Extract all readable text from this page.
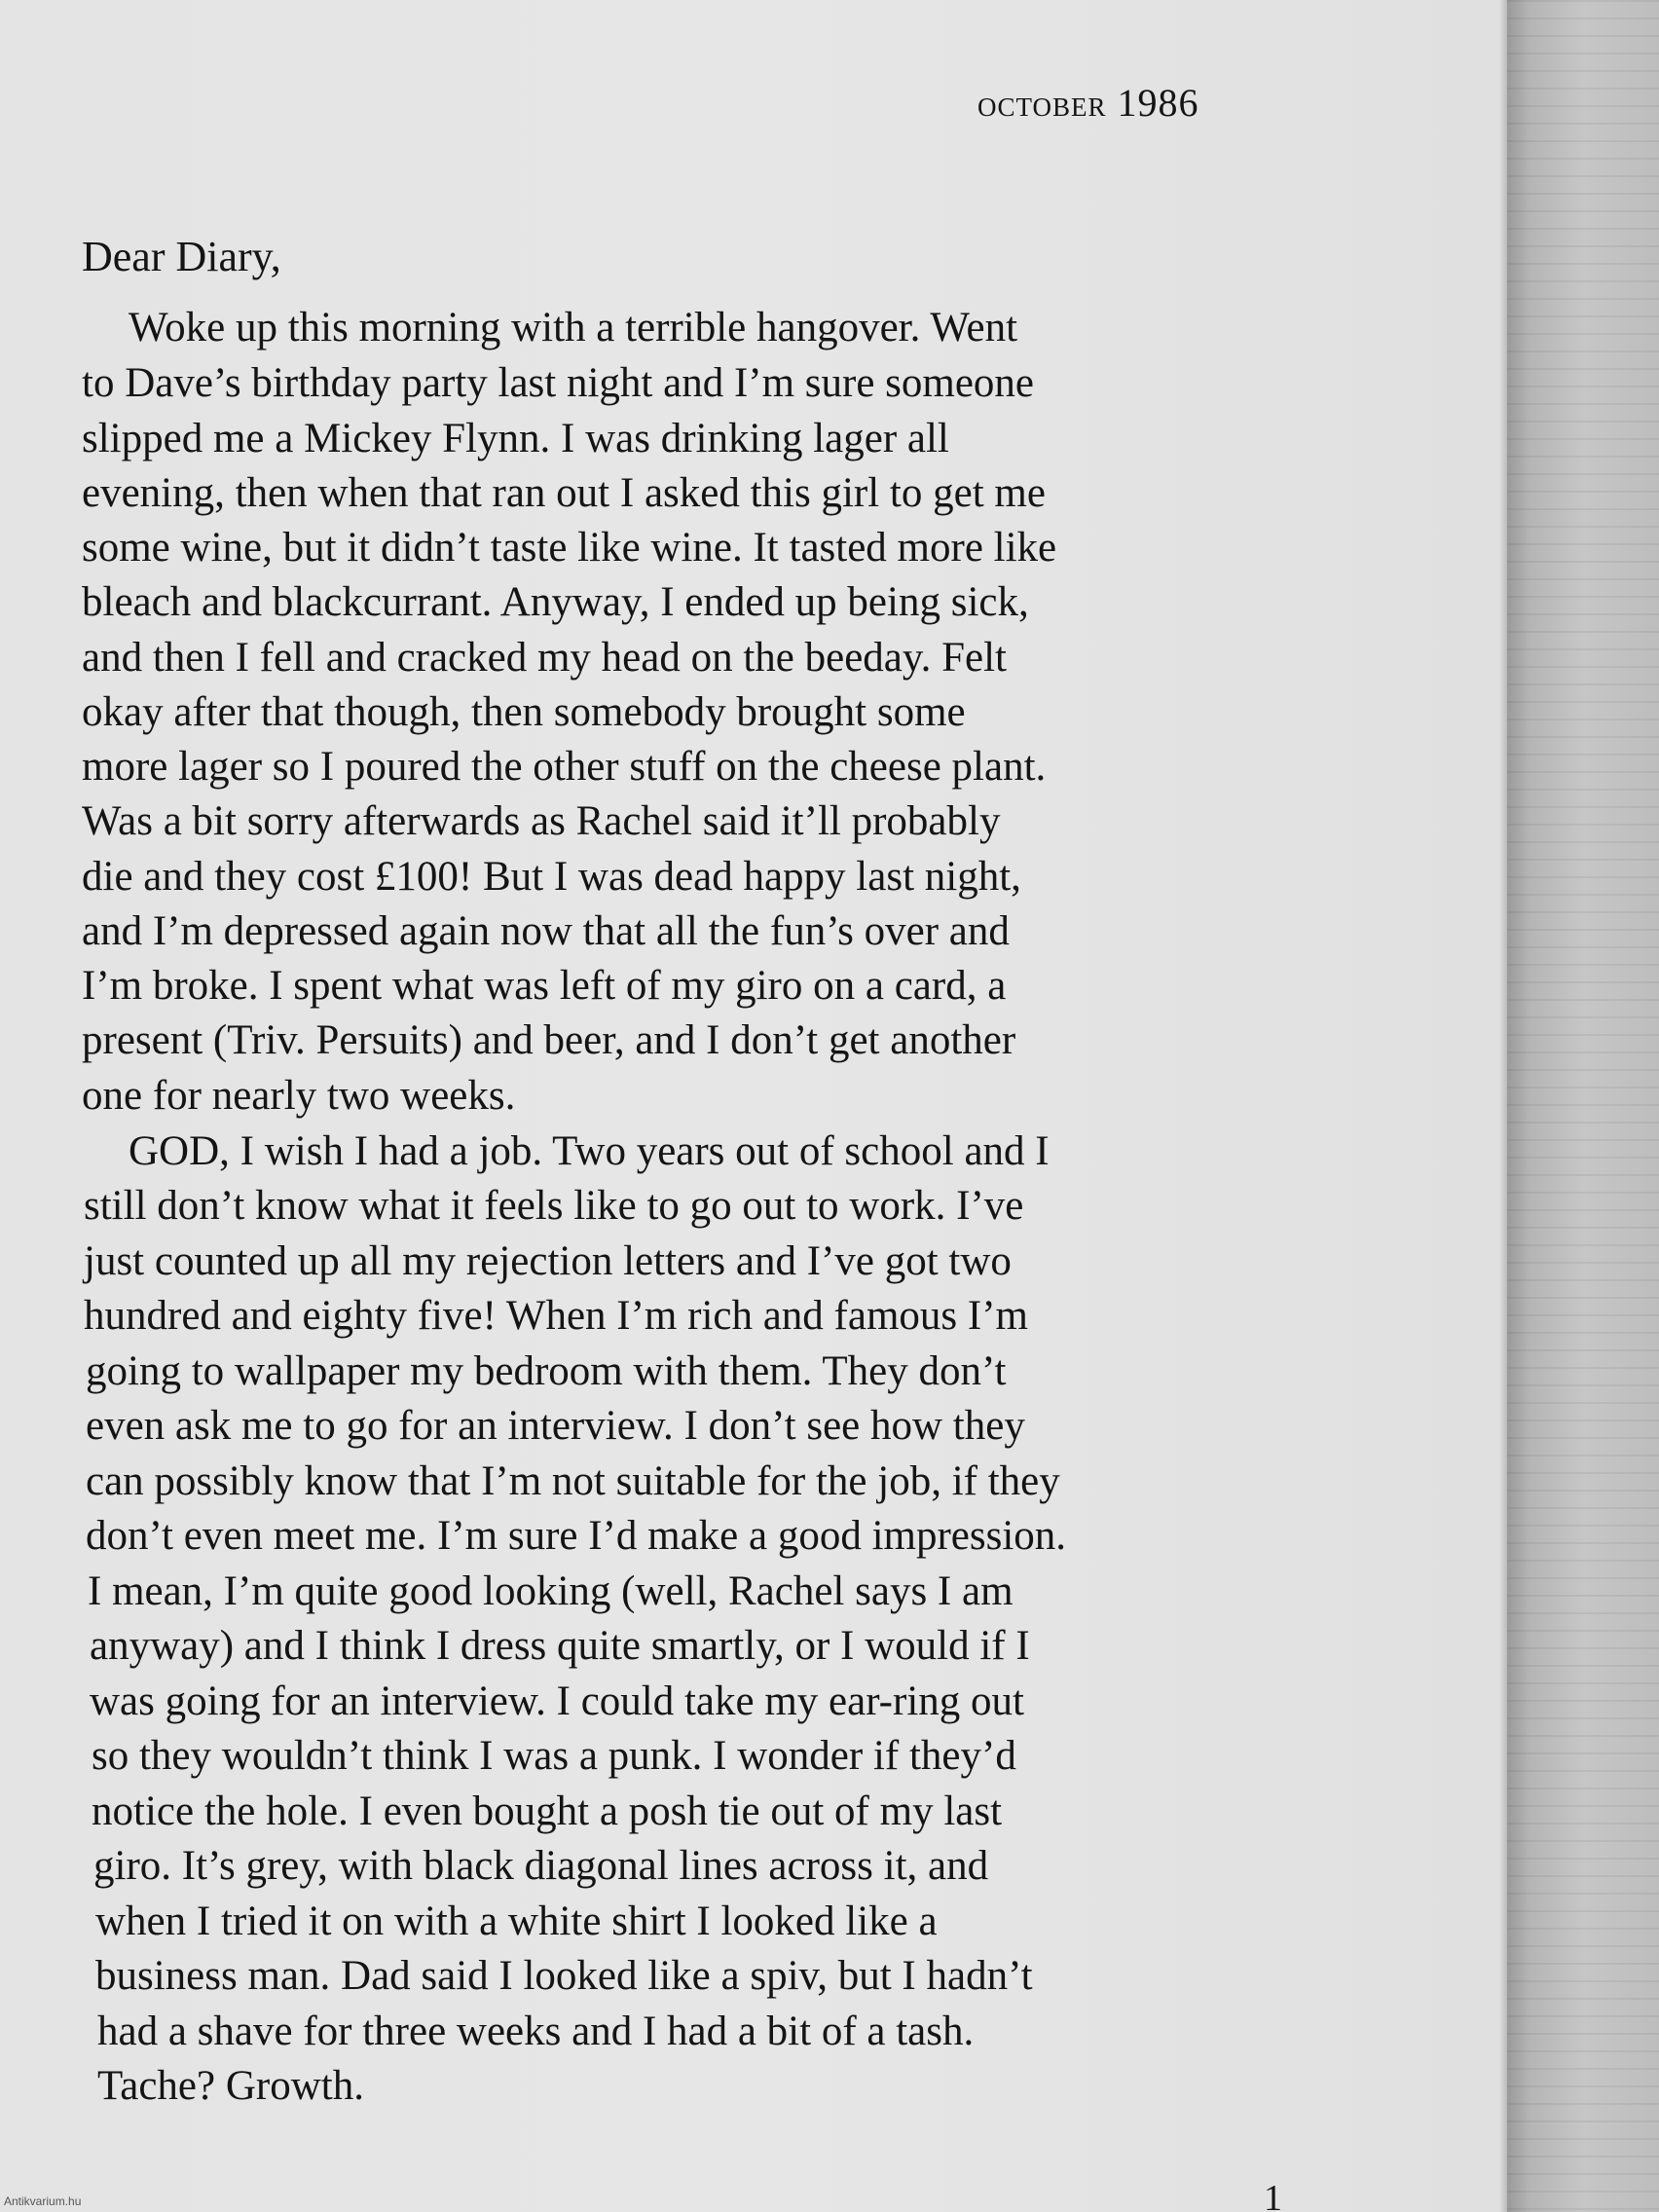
october 1986
Dear Diary,
Woke up this morning with a terrible hangover. Went
to Dave’s birthday party last night and I’m sure someone
slipped me a Mickey Flynn. I was drinking lager all
evening, then when that ran out I asked this girl to get me
some wine, but it didn’t taste like wine. It tasted more like
bleach and blackcurrant. Anyway, I ended up being sick,
and then I fell and cracked my head on the beeday. Felt
okay after that though, then somebody brought some
more lager so I poured the other stuff on the cheese plant.
Was a bit sorry afterwards as Rachel said it’ll probably
die and they cost £100! But I was dead happy last night,
and I’m depressed again now that all the fun’s over and
I’m broke. I spent what was left of my giro on a card, a
present (Triv. Persuits) and beer, and I don’t get another
one for nearly two weeks.
GOD, I wish I had a job. Two years out of school and I
still don’t know what it feels like to go out to work. I’ve
just counted up all my rejection letters and I’ve got two
hundred and eighty five! When I’m rich and famous I’m
going to wallpaper my bedroom with them. They don’t
even ask me to go for an interview. I don’t see how they
can possibly know that I’m not suitable for the job, if they
don’t even meet me. I’m sure I’d make a good impression.
I mean, I’m quite good looking (well, Rachel says I am
anyway) and I think I dress quite smartly, or I would if I
was going for an interview. I could take my ear-ring out
so they wouldn’t think I was a punk. I wonder if they’d
notice the hole. I even bought a posh tie out of my last
giro. It’s grey, with black diagonal lines across it, and
when I tried it on with a white shirt I looked like a
business man. Dad said I looked like a spiv, but I hadn’t
had a shave for three weeks and I had a bit of a tash.
Tache? Growth.
1
Antikvarium.hu
